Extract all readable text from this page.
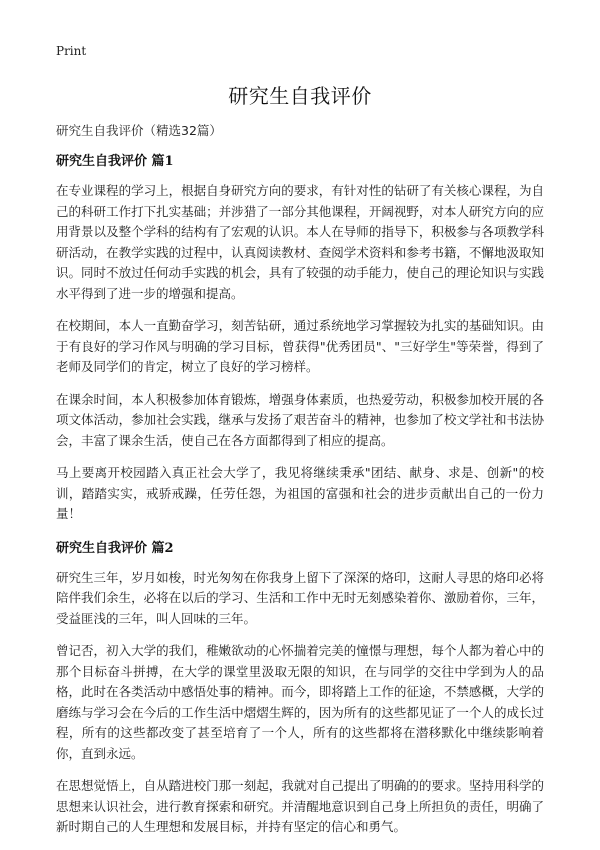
Print
研究生自我评价
研究生自我评价（精选32篇）
研究生自我评价 篇1

在专业课程的学习上，根据自身研究方向的要求，有针对性的钻研了有关核心课程，为自己的科研工作打下扎实基础；并涉猎了一部分其他课程，开阔视野，对本人研究方向的应用背景以及整个学科的结构有了宏观的认识。本人在导师的指导下，积极参与各项教学科研活动，在教学实践的过程中，认真阅读教材、查阅学术资料和参考书籍，不懈地汲取知识。同时不放过任何动手实践的机会，具有了较强的动手能力，使自己的理论知识与实践水平得到了进一步的增强和提高。

在校期间，本人一直勤奋学习，刻苦钻研，通过系统地学习掌握较为扎实的基础知识。由于有良好的学习作风与明确的学习目标，曾获得"优秀团员"、"三好学生"等荣誉，得到了老师及同学们的肯定，树立了良好的学习榜样。

在课余时间，本人积极参加体育锻炼，增强身体素质，也热爱劳动，积极参加校开展的各项文体活动，参加社会实践，继承与发扬了艰苦奋斗的精神，也参加了校文学社和书法协会，丰富了课余生活，使自己在各方面都得到了相应的提高。

马上要离开校园踏入真正社会大学了，我见将继续秉承"团结、献身、求是、创新"的校训，踏踏实实，戒骄戒躁，任劳任怨，为祖国的富强和社会的进步贡献出自己的一份力量！

研究生自我评价 篇2

研究生三年，岁月如梭，时光匆匆在你我身上留下了深深的烙印，这耐人寻思的烙印必将陪伴我们余生，必将在以后的学习、生活和工作中无时无刻感染着你、激励着你，三年，受益匪浅的三年，叫人回味的三年。

曾记否，初入大学的我们，稚嫩欲动的心怀揣着完美的憧憬与理想，每个人都为着心中的那个目标奋斗拼搏，在大学的课堂里汲取无限的知识，在与同学的交往中学到为人的品格，此时在各类活动中感悟处事的精神。而今，即将踏上工作的征途，不禁感概，大学的磨练与学习会在今后的工作生活中熠熠生辉的，因为所有的这些都见证了一个人的成长过程，所有的这些都改变了甚至培育了一个人，所有的这些都将在潜移默化中继续影响着你，直到永远。

在思想觉悟上，自从踏进校门那一刻起，我就对自己提出了明确的的要求。坚持用科学的思想来认识社会，进行教育探索和研究。并清醒地意识到自己身上所担负的责任，明确了新时期自己的人生理想和发展目标，并持有坚定的信心和勇气。
